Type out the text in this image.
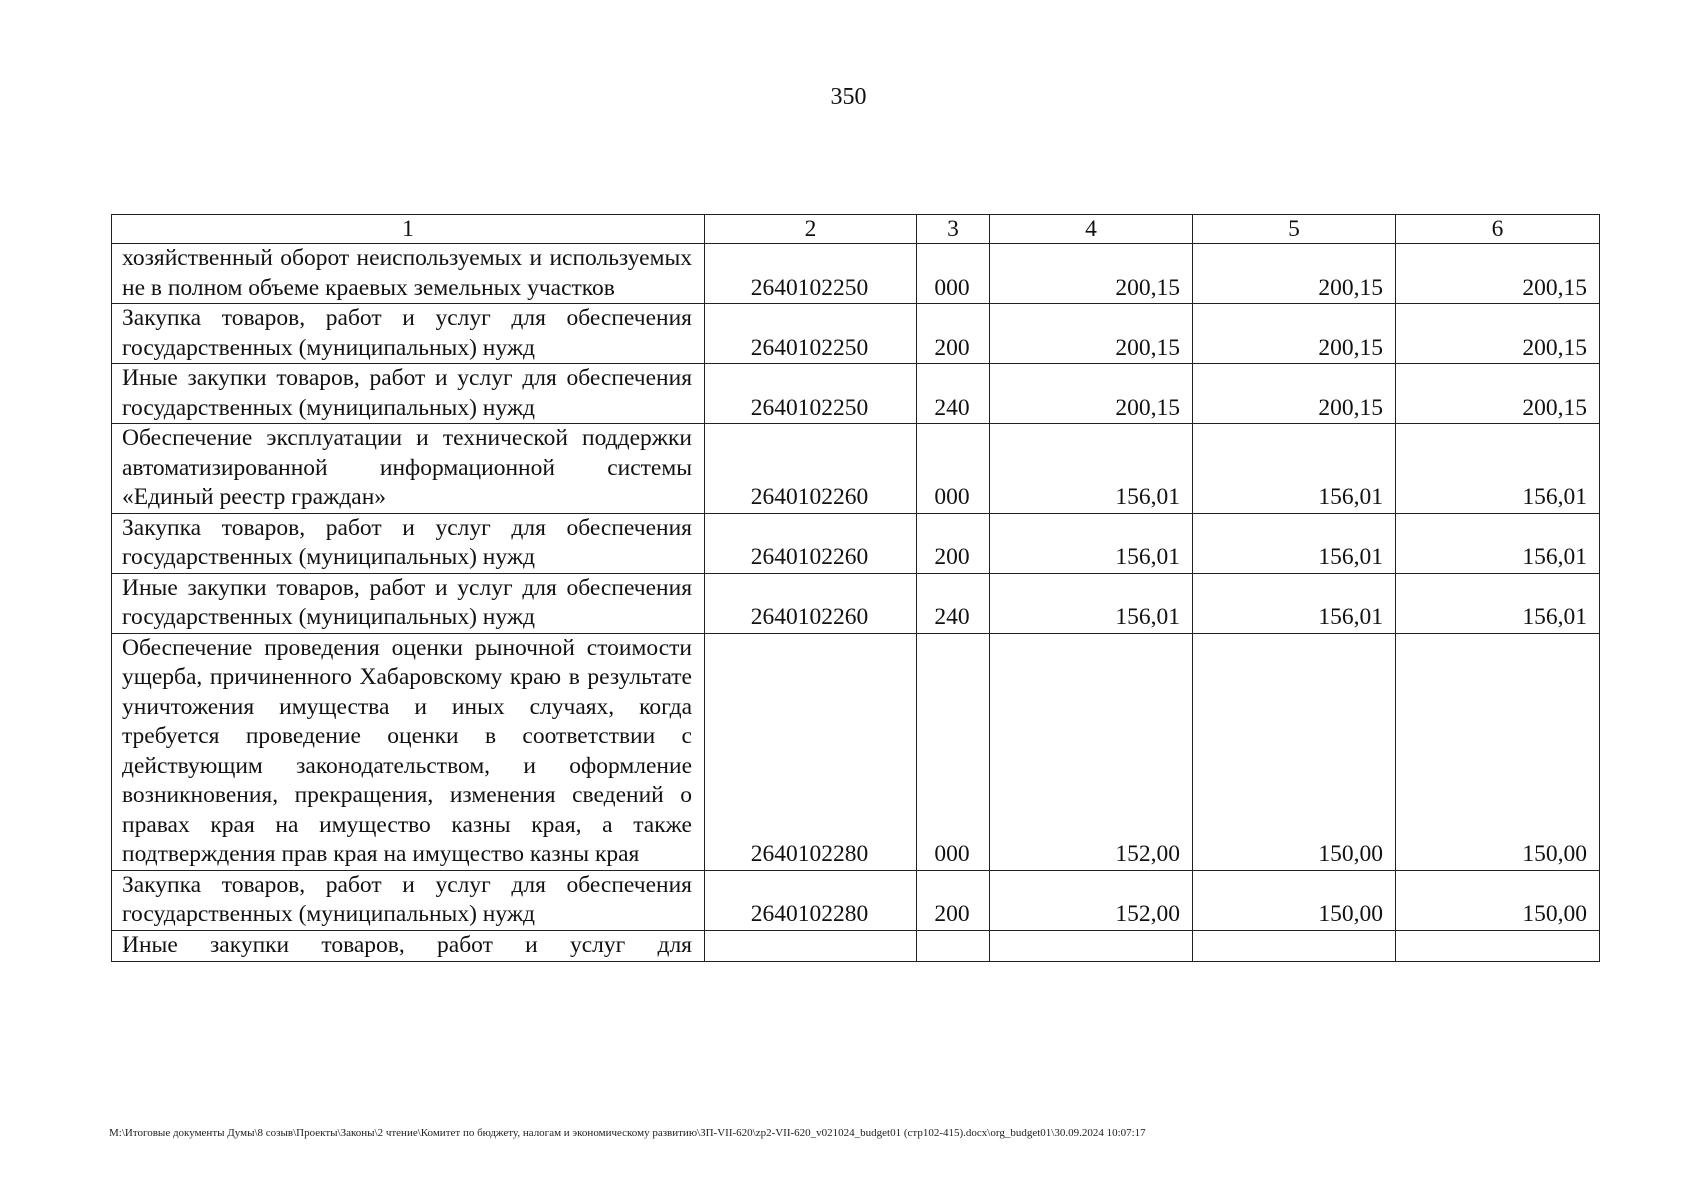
350
1	2	3	4	5	6
хозяйственный оборот неиспользуемых и используемых не в полном объеме краевых земельных участков	2640102250	000	200,15	200,15	200,15
Закупка товаров, работ и услуг для обеспечения государственных (муниципальных) нужд	2640102250	200	200,15	200,15	200,15
Иные закупки товаров, работ и услуг для обеспечения государственных (муниципальных) нужд	2640102250	240	200,15	200,15	200,15
Обеспечение эксплуатации и технической поддержки автоматизированной информационной системы «Единый реестр граждан»	2640102260	000	156,01	156,01	156,01
Закупка товаров, работ и услуг для обеспечения государственных (муниципальных) нужд	2640102260	200	156,01	156,01	156,01
Иные закупки товаров, работ и услуг для обеспечения государственных (муниципальных) нужд	2640102260	240	156,01	156,01	156,01
Обеспечение проведения оценки рыночной стоимости ущерба, причиненного Хабаровскому краю в результате уничтожения имущества и иных случаях, когда требуется проведение оценки в соответствии с действующим законодательством, и оформление возникновения, прекращения, изменения сведений о правах края на имущество казны края, а также подтверждения прав края на имущество казны края	2640102280	000	152,00	150,00	150,00
Закупка товаров, работ и услуг для обеспечения государственных (муниципальных) нужд	2640102280	200	152,00	150,00	150,00
Иные закупки товаров, работ и услуг для					
M:\Итоговые документы Думы\8 созыв\Проекты\Законы\2 чтение\Комитет по бюджету, налогам и экономическому развитию\ЗП-VII-620\zp2-VII-620_v021024_budget01 (стр102-415).docx\org_budget01\30.09.2024 10:07:17
